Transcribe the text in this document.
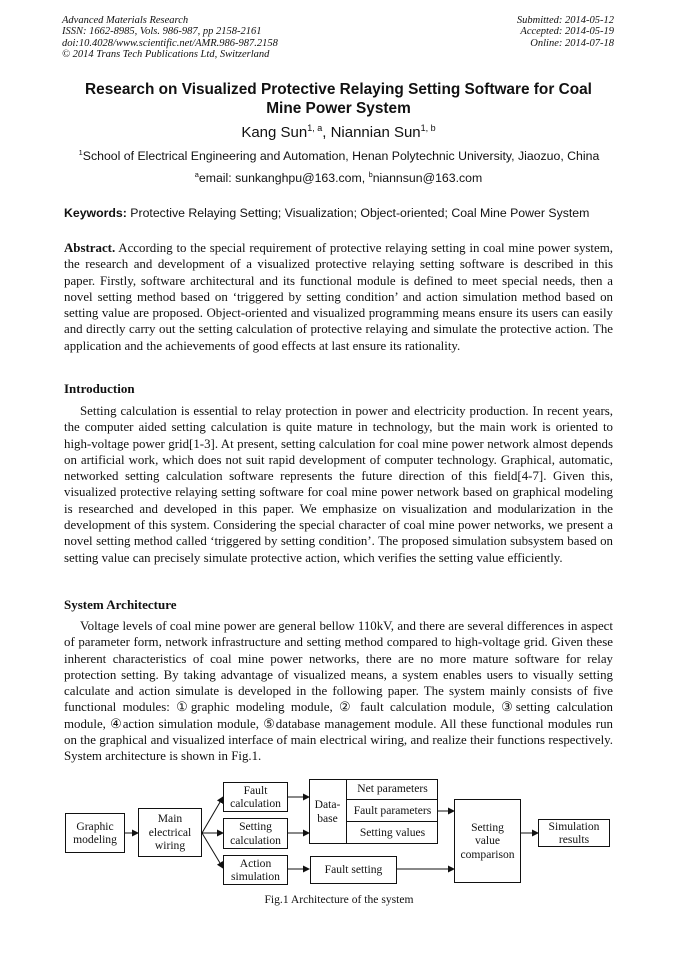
Advanced Materials Research
ISSN: 1662-8985, Vols. 986-987, pp 2158-2161
doi:10.4028/www.scientific.net/AMR.986-987.2158
© 2014 Trans Tech Publications Ltd, Switzerland
Submitted: 2014-05-12
Accepted: 2014-05-19
Online: 2014-07-18
Research on Visualized Protective Relaying Setting Software for Coal
Mine Power System
Kang Sun$^{1, a}$, Niannian Sun$^{1, b}$
$^1$School of Electrical Engineering and Automation, Henan Polytechnic University, Jiaozuo, China
$^a$email: sunkanghpu@163.com, $^b$niannsun@163.com
Keywords: Protective Relaying Setting; Visualization; Object-oriented; Coal Mine Power System
Abstract. According to the special requirement of protective relaying setting in coal mine power system, the research and development of a visualized protective relaying setting software is described in this paper. Firstly, software architectural and its functional module is defined to meet special needs, then a novel setting method based on ‘triggered by setting condition’ and action simulation method based on setting value are proposed. Object-oriented and visualized programming means ensure its users can easily and directly carry out the setting calculation of protective relaying and simulate the protective action. The application and the achievements of good effects at last ensure its rationality.
Introduction
Setting calculation is essential to relay protection in power and electricity production. In recent years, the computer aided setting calculation is quite mature in technology, but the main work is oriented to high-voltage power grid[1-3]. At present, setting calculation for coal mine power network almost depends on artificial work, which does not suit rapid development of computer technology. Graphical, automatic, networked setting calculation software represents the future direction of this field[4-7]. Given this, visualized protective relaying setting software for coal mine power network based on graphical modeling is researched and developed in this paper. We emphasize on visualization and modularization in the development of this system. Considering the special character of coal mine power networks, we present a novel setting method called ‘triggered by setting condition’. The proposed simulation subsystem based on setting value can precisely simulate protective action, which verifies the setting value efficiently.
System Architecture
Voltage levels of coal mine power are general bellow 110kV, and there are several differences in aspect of parameter form, network infrastructure and setting method compared to high-voltage grid. Given these inherent characteristics of coal mine power networks, there are no more mature software for relay protection setting. By taking advantage of visualized means, a system enables users to visually setting calculate and action simulate is developed in the following paper. The system mainly consists of five functional modules: ①graphic modeling module, ② fault calculation module, ③setting calculation module, ④action simulation module, ⑤database management module. All these functional modules run on the graphical and visualized interface of main electrical wiring, and realize their functions respectively. System architecture is shown in Fig.1.
Graphic modeling
Main electrical wiring
Fault calculation
Setting calculation
Action simulation
Data-base
Net parameters
Fault parameters
Setting values
Fault setting
Setting value comparison
Simulation results
Fig.1 Architecture of the system
